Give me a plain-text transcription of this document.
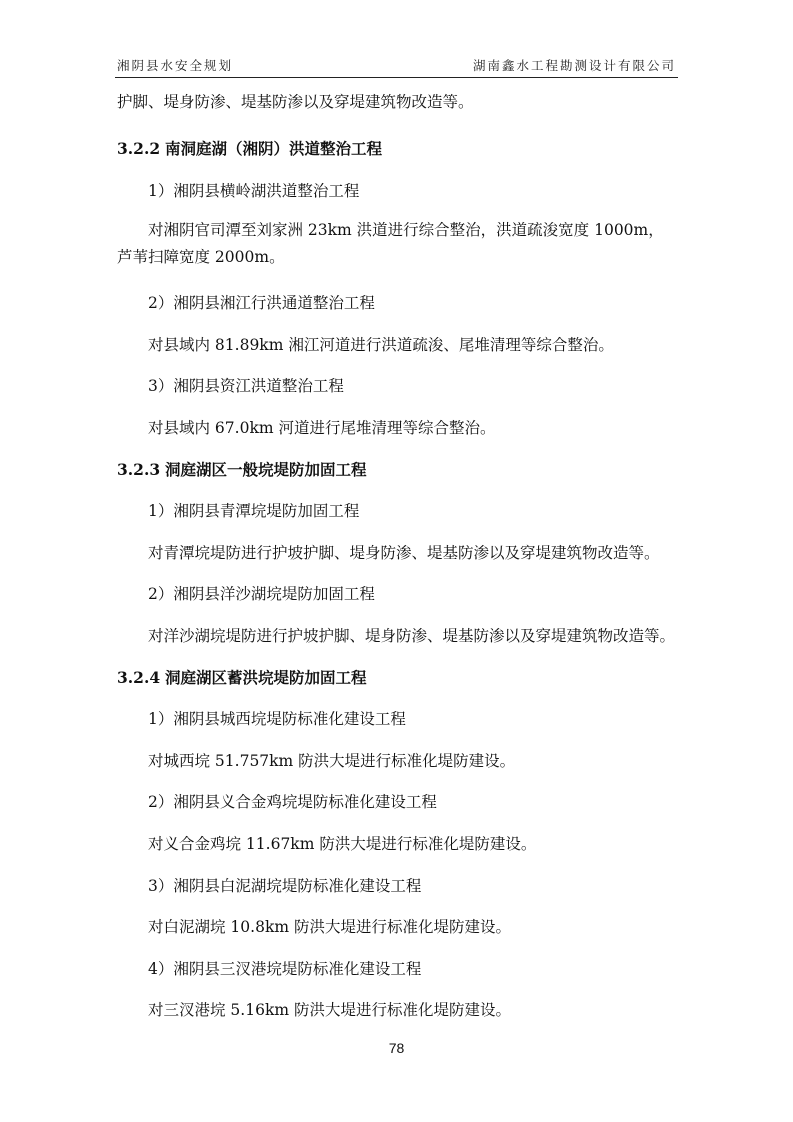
湘阴县水安全规划	湖南鑫水工程勘测设计有限公司
护脚、堤身防渗、堤基防渗以及穿堤建筑物改造等。
3.2.2 南洞庭湖（湘阴）洪道整治工程
1）湘阴县横岭湖洪道整治工程
对湘阴官司潭至刘家洲 23km 洪道进行综合整治，洪道疏浚宽度 1000m，芦苇扫障宽度 2000m。
2）湘阴县湘江行洪通道整治工程
对县域内 81.89km 湘江河道进行洪道疏浚、尾堆清理等综合整治。
3）湘阴县资江洪道整治工程
对县域内 67.0km 河道进行尾堆清理等综合整治。
3.2.3 洞庭湖区一般垸堤防加固工程
1）湘阴县青潭垸堤防加固工程
对青潭垸堤防进行护坡护脚、堤身防渗、堤基防渗以及穿堤建筑物改造等。
2）湘阴县洋沙湖垸堤防加固工程
对洋沙湖垸堤防进行护坡护脚、堤身防渗、堤基防渗以及穿堤建筑物改造等。
3.2.4 洞庭湖区蓄洪垸堤防加固工程
1）湘阴县城西垸堤防标准化建设工程
对城西垸 51.757km 防洪大堤进行标准化堤防建设。
2）湘阴县义合金鸡垸堤防标准化建设工程
对义合金鸡垸 11.67km 防洪大堤进行标准化堤防建设。
3）湘阴县白泥湖垸堤防标准化建设工程
对白泥湖垸 10.8km 防洪大堤进行标准化堤防建设。
4）湘阴县三汊港垸堤防标准化建设工程
对三汊港垸 5.16km 防洪大堤进行标准化堤防建设。
78
